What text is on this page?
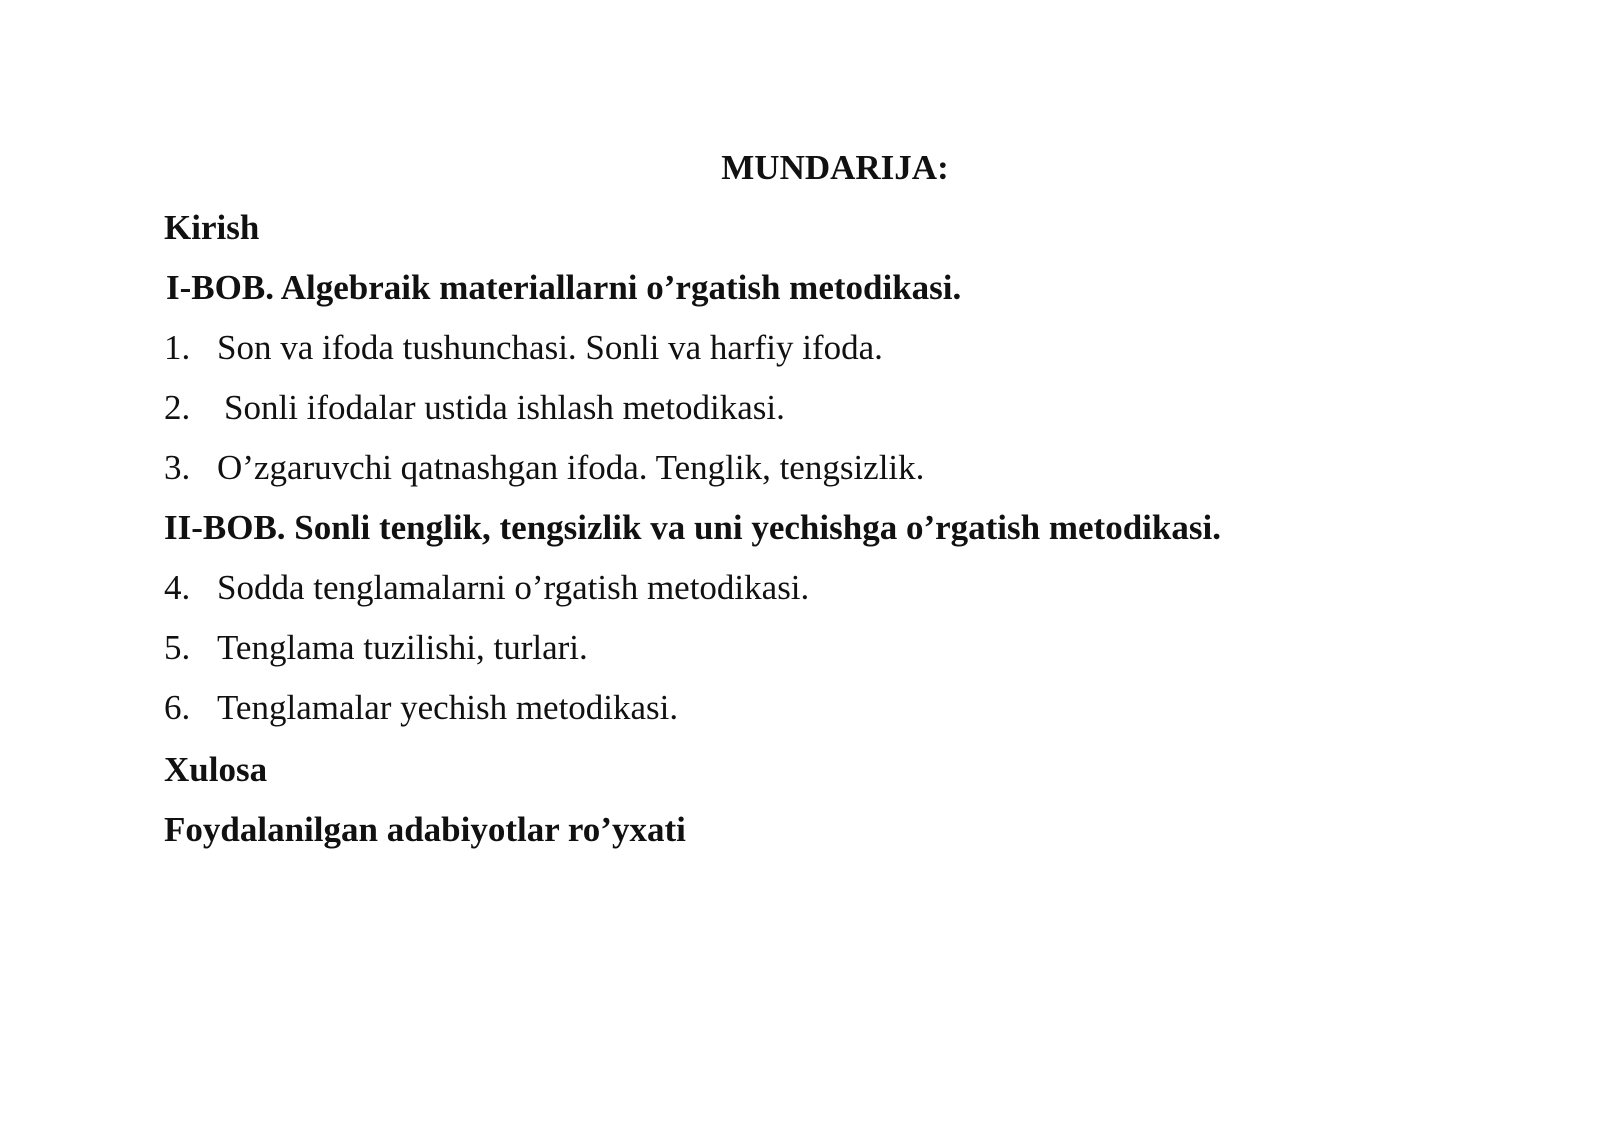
MUNDARIJA:
Kirish
I-BOB. Algebraik materiallarni o’rgatish metodikasi.
1. Son va ifoda tushunchasi. Sonli va harfiy ifoda.
2. Sonli ifodalar ustida ishlash metodikasi.
3. O’zgaruvchi qatnashgan ifoda. Tenglik, tengsizlik.
II-BOB. Sonli tenglik, tengsizlik va uni yechishga o’rgatish metodikasi.
4. Sodda tenglamalarni o’rgatish metodikasi.
5. Tenglama tuzilishi, turlari.
6. Tenglamalar yechish metodikasi.
Xulosa
Foydalanilgan adabiyotlar ro’yxati
